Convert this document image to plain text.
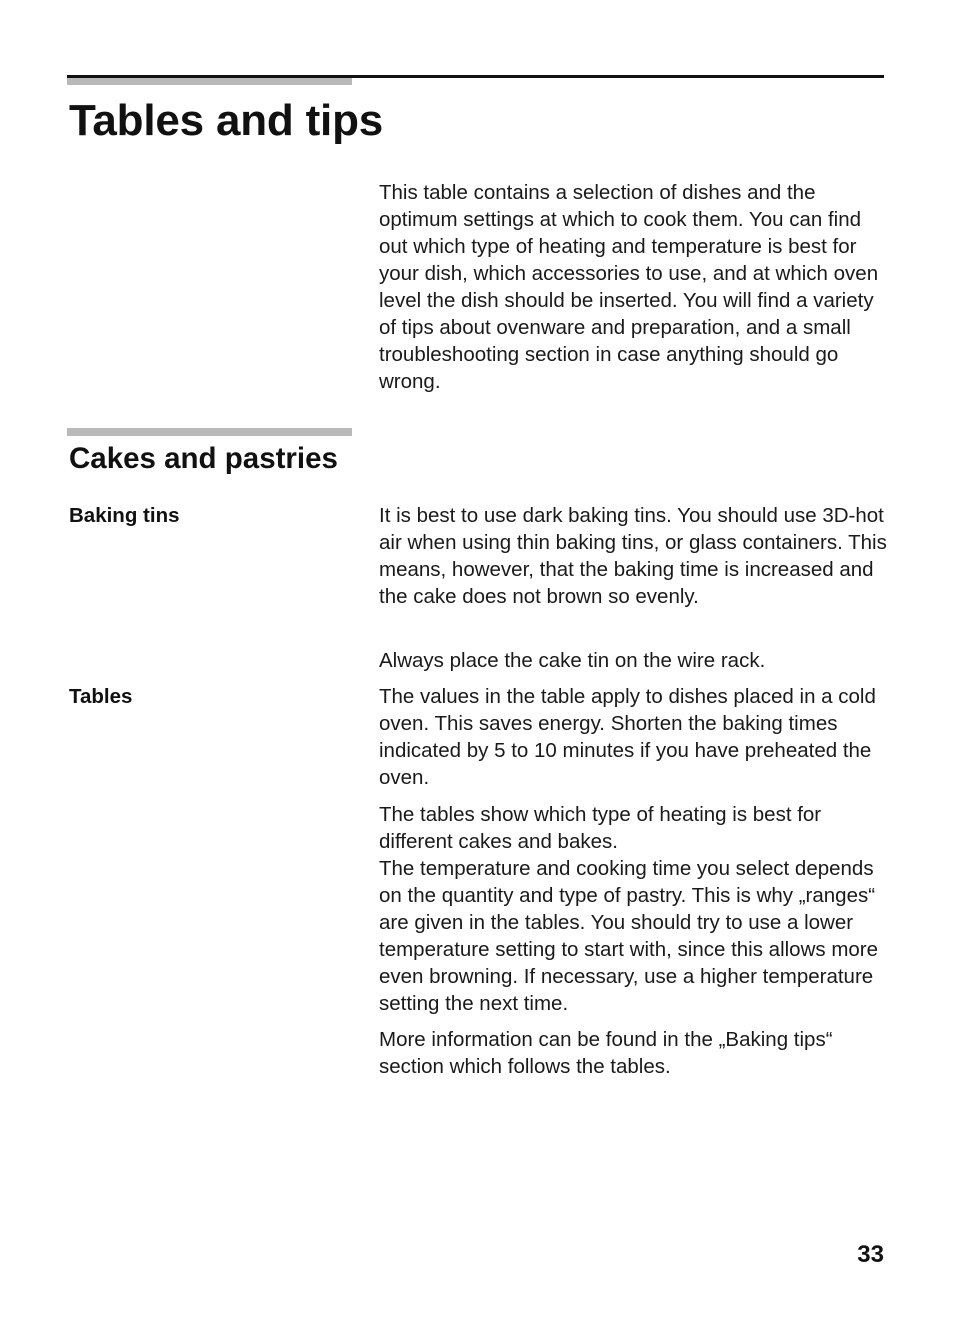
Tables and tips

This table contains a selection of dishes and the optimum settings at which to cook them. You can find out which type of heating and temperature is best for your dish, which accessories to use, and at which oven level the dish should be inserted. You will find a variety of tips about ovenware and preparation, and a small troubleshooting section in case anything should go wrong.

Cakes and pastries

Baking tins	It is best to use dark baking tins. You should use 3D-hot air when using thin baking tins, or glass containers. This means, however, that the baking time is increased and the cake does not brown so evenly.

Always place the cake tin on the wire rack.

Tables	The values in the table apply to dishes placed in a cold oven. This saves energy. Shorten the baking times indicated by 5 to 10 minutes if you have preheated the oven.

The tables show which type of heating is best for different cakes and bakes.

The temperature and cooking time you select depends on the quantity and type of pastry. This is why „ranges“ are given in the tables. You should try to use a lower temperature setting to start with, since this allows more even browning. If necessary, use a higher temperature setting the next time.

More information can be found in the „Baking tips“ section which follows the tables.

33
